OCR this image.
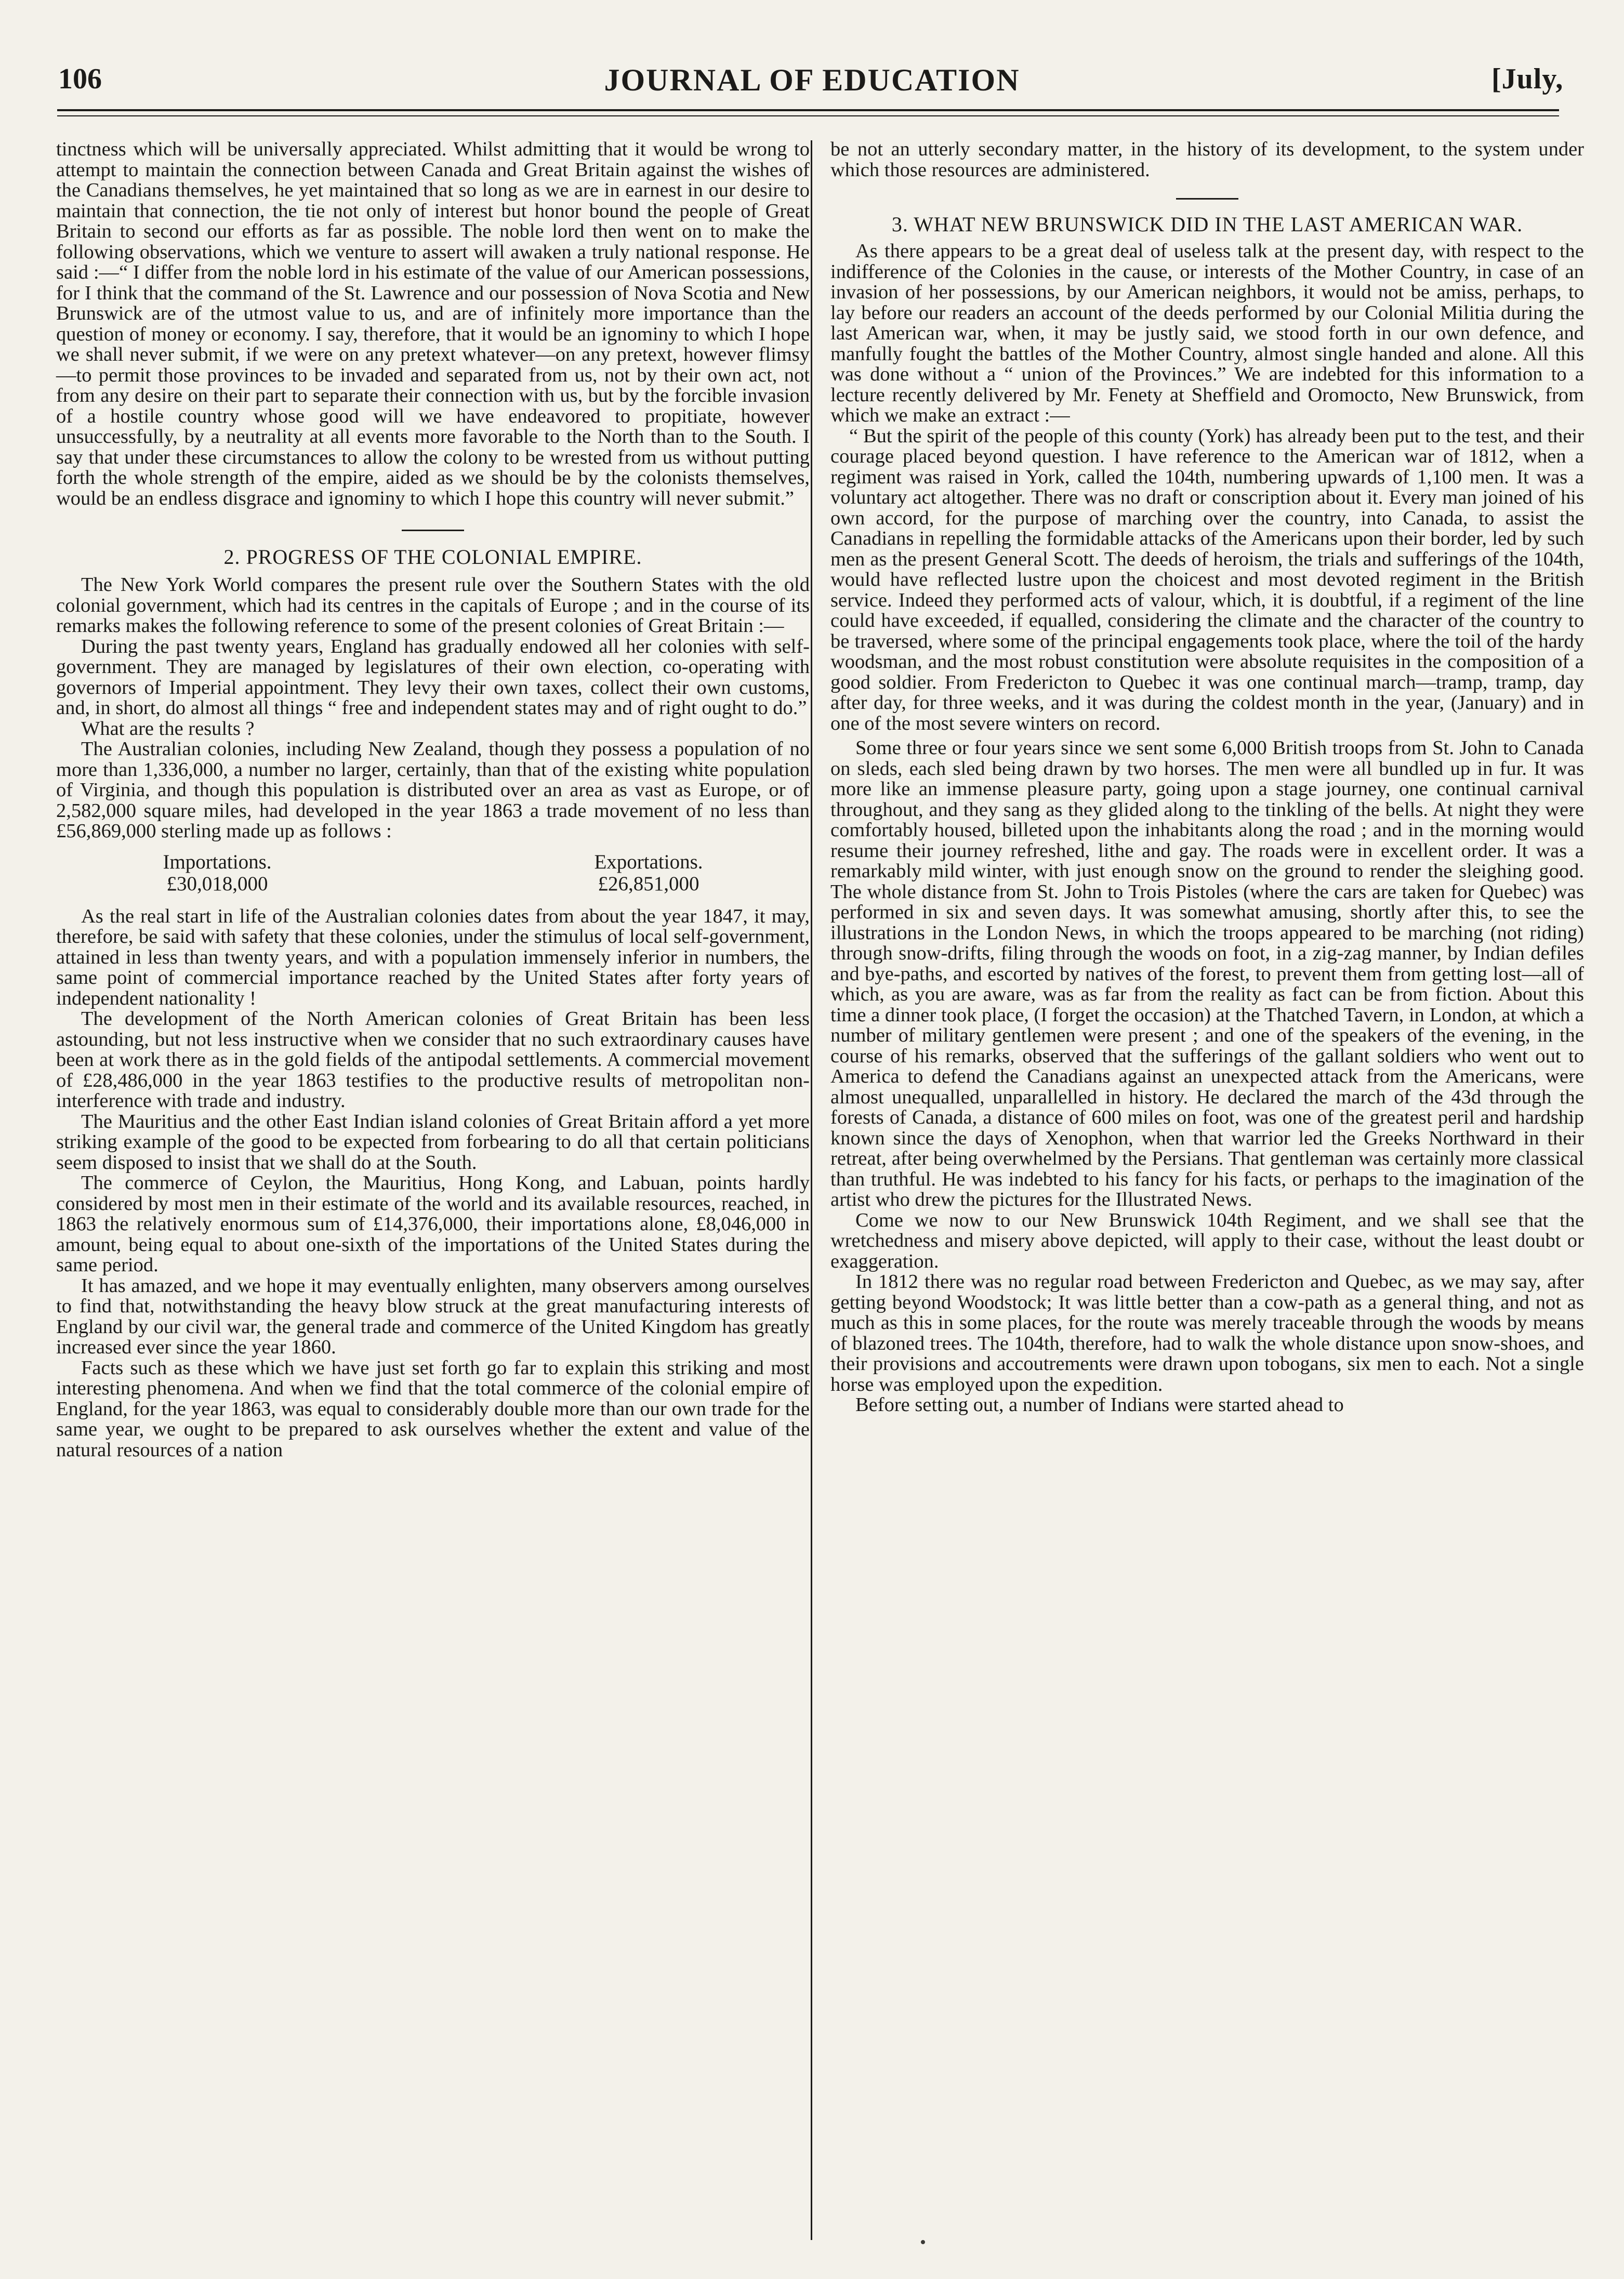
106	JOURNAL OF EDUCATION	[July,

tinctness which will be universally appreciated. Whilst admitting that it would be wrong to attempt to maintain the connection between Canada and Great Britain against the wishes of the Canadians themselves, he yet maintained that so long as we are in earnest in our desire to maintain that connection, the tie not only of interest but honor bound the people of Great Britain to second our efforts as far as possible. The noble lord then went on to make the following observations, which we venture to assert will awaken a truly national response. He said :—“ I differ from the noble lord in his estimate of the value of our American possessions, for I think that the command of the St. Lawrence and our possession of Nova Scotia and New Brunswick are of the utmost value to us, and are of infinitely more importance than the question of money or economy. I say, therefore, that it would be an ignominy to which I hope we shall never submit, if we were on any pretext whatever—on any pretext, however flimsy—to permit those provinces to be invaded and separated from us, not by their own act, not from any desire on their part to separate their connection with us, but by the forcible invasion of a hostile country whose good will we have endeavored to propitiate, however unsuccessfully, by a neutrality at all events more favorable to the North than to the South. I say that under these circumstances to allow the colony to be wrested from us without putting forth the whole strength of the empire, aided as we should be by the colonists themselves, would be an endless disgrace and ignominy to which I hope this country will never submit.”

2. PROGRESS OF THE COLONIAL EMPIRE.

The New York World compares the present rule over the Southern States with the old colonial government, which had its centres in the capitals of Europe ; and in the course of its remarks makes the following reference to some of the present colonies of Great Britain :—

During the past twenty years, England has gradually endowed all her colonies with self-government. They are managed by legislatures of their own election, co-operating with governors of Imperial appointment. They levy their own taxes, collect their own customs, and, in short, do almost all things “ free and independent states may and of right ought to do.”

What are the results ?

The Australian colonies, including New Zealand, though they possess a population of no more than 1,336,000, a number no larger, certainly, than that of the existing white population of Virginia, and though this population is distributed over an area as vast as Europe, or of 2,582,000 square miles, had developed in the year 1863 a trade movement of no less than £56,869,000 sterling made up as follows :

Importations.
£30,018,000
Exportations.
£26,851,000

As the real start in life of the Australian colonies dates from about the year 1847, it may, therefore, be said with safety that these colonies, under the stimulus of local self-government, attained in less than twenty years, and with a population immensely inferior in numbers, the same point of commercial importance reached by the United States after forty years of independent nationality !

The development of the North American colonies of Great Britain has been less astounding, but not less instructive when we consider that no such extraordinary causes have been at work there as in the gold fields of the antipodal settlements. A commercial movement of £28,486,000 in the year 1863 testifies to the productive results of metropolitan non-interference with trade and industry.

The Mauritius and the other East Indian island colonies of Great Britain afford a yet more striking example of the good to be expected from forbearing to do all that certain politicians seem disposed to insist that we shall do at the South.

The commerce of Ceylon, the Mauritius, Hong Kong, and Labuan, points hardly considered by most men in their estimate of the world and its available resources, reached, in 1863 the relatively enormous sum of £14,376,000, their importations alone, £8,046,000 in amount, being equal to about one-sixth of the importations of the United States during the same period.

It has amazed, and we hope it may eventually enlighten, many observers among ourselves to find that, notwithstanding the heavy blow struck at the great manufacturing interests of England by our civil war, the general trade and commerce of the United Kingdom has greatly increased ever since the year 1860.

Facts such as these which we have just set forth go far to explain this striking and most interesting phenomena. And when we find that the total commerce of the colonial empire of England, for the year 1863, was equal to considerably double more than our own trade for the same year, we ought to be prepared to ask ourselves whether the extent and value of the natural resources of a nation

be not an utterly secondary matter, in the history of its development, to the system under which those resources are administered.

3. WHAT NEW BRUNSWICK DID IN THE LAST AMERICAN WAR.

As there appears to be a great deal of useless talk at the present day, with respect to the indifference of the Colonies in the cause, or interests of the Mother Country, in case of an invasion of her possessions, by our American neighbors, it would not be amiss, perhaps, to lay before our readers an account of the deeds performed by our Colonial Militia during the last American war, when, it may be justly said, we stood forth in our own defence, and manfully fought the battles of the Mother Country, almost single handed and alone. All this was done without a “ union of the Provinces.” We are indebted for this information to a lecture recently delivered by Mr. Fenety at Sheffield and Oromocto, New Brunswick, from which we make an extract :—

“ But the spirit of the people of this county (York) has already been put to the test, and their courage placed beyond question. I have reference to the American war of 1812, when a regiment was raised in York, called the 104th, numbering upwards of 1,100 men. It was a voluntary act altogether. There was no draft or conscription about it. Every man joined of his own accord, for the purpose of marching over the country, into Canada, to assist the Canadians in repelling the formidable attacks of the Americans upon their border, led by such men as the present General Scott. The deeds of heroism, the trials and sufferings of the 104th, would have reflected lustre upon the choicest and most devoted regiment in the British service. Indeed they performed acts of valour, which, it is doubtful, if a regiment of the line could have exceeded, if equalled, considering the climate and the character of the country to be traversed, where some of the principal engagements took place, where the toil of the hardy woodsman, and the most robust constitution were absolute requisites in the composition of a good soldier. From Fredericton to Quebec it was one continual march—tramp, tramp, day after day, for three weeks, and it was during the coldest month in the year, (January) and in one of the most severe winters on record.

Some three or four years since we sent some 6,000 British troops from St. John to Canada on sleds, each sled being drawn by two horses. The men were all bundled up in fur. It was more like an immense pleasure party, going upon a stage journey, one continual carnival throughout, and they sang as they glided along to the tinkling of the bells. At night they were comfortably housed, billeted upon the inhabitants along the road ; and in the morning would resume their journey refreshed, lithe and gay. The roads were in excellent order. It was a remarkably mild winter, with just enough snow on the ground to render the sleighing good. The whole distance from St. John to Trois Pistoles (where the cars are taken for Quebec) was performed in six and seven days. It was somewhat amusing, shortly after this, to see the illustrations in the London News, in which the troops appeared to be marching (not riding) through snow-drifts, filing through the woods on foot, in a zig-zag manner, by Indian defiles and bye-paths, and escorted by natives of the forest, to prevent them from getting lost—all of which, as you are aware, was as far from the reality as fact can be from fiction. About this time a dinner took place, (I forget the occasion) at the Thatched Tavern, in London, at which a number of military gentlemen were present ; and one of the speakers of the evening, in the course of his remarks, observed that the sufferings of the gallant soldiers who went out to America to defend the Canadians against an unexpected attack from the Americans, were almost unequalled, unparallelled in history. He declared the march of the 43d through the forests of Canada, a distance of 600 miles on foot, was one of the greatest peril and hardship known since the days of Xenophon, when that warrior led the Greeks Northward in their retreat, after being overwhelmed by the Persians. That gentleman was certainly more classical than truthful. He was indebted to his fancy for his facts, or perhaps to the imagination of the artist who drew the pictures for the Illustrated News.

Come we now to our New Brunswick 104th Regiment, and we shall see that the wretchedness and misery above depicted, will apply to their case, without the least doubt or exaggeration.

In 1812 there was no regular road between Fredericton and Quebec, as we may say, after getting beyond Woodstock; It was little better than a cow-path as a general thing, and not as much as this in some places, for the route was merely traceable through the woods by means of blazoned trees. The 104th, therefore, had to walk the whole distance upon snow-shoes, and their provisions and accoutrements were drawn upon tobogans, six men to each. Not a single horse was employed upon the expedition.

Before setting out, a number of Indians were started ahead to
